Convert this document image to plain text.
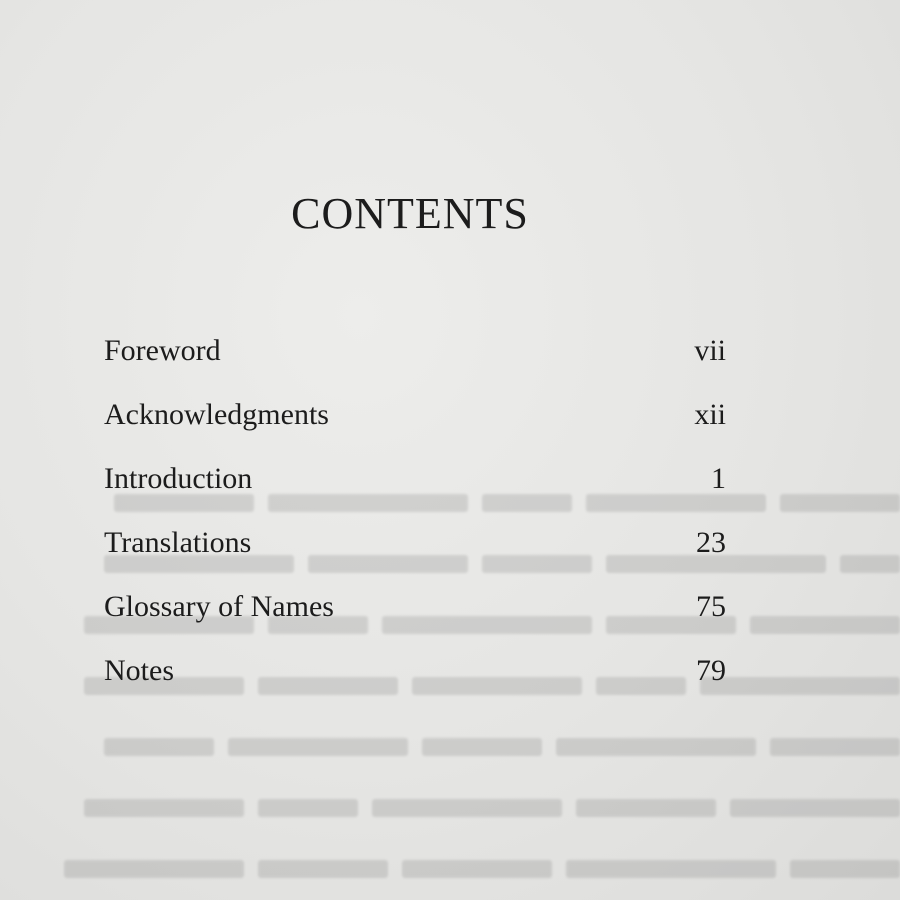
CONTENTS
Foreword	vii
Acknowledgments	xii
Introduction	1
Translations	23
Glossary of Names	75
Notes	79
